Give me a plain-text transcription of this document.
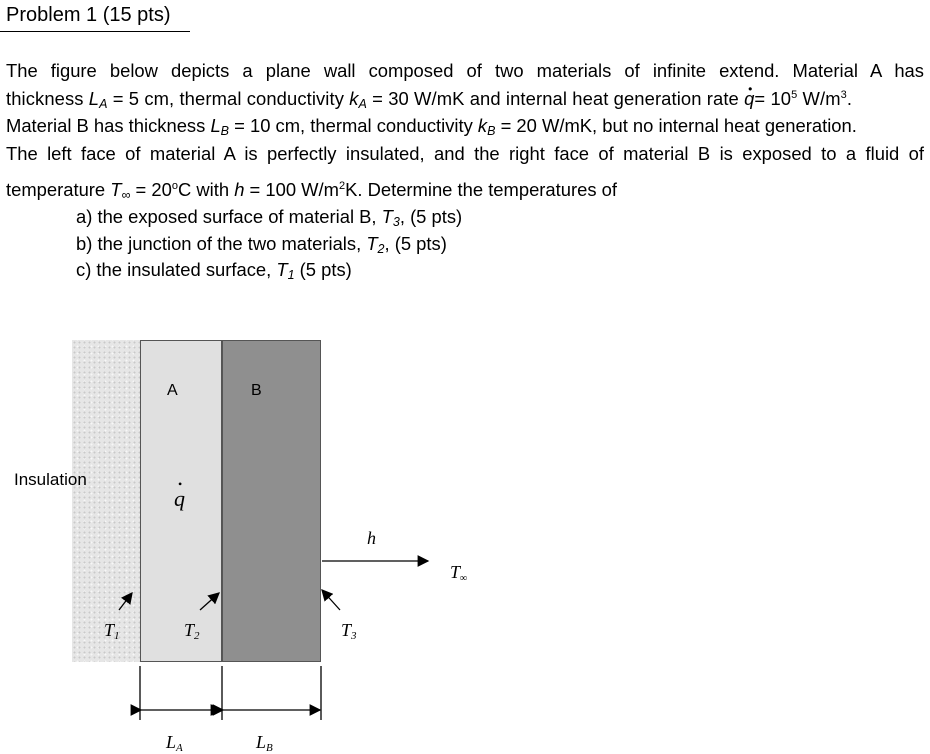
Problem 1 (15 pts)
The figure below depicts a plane wall composed of two materials of infinite extend. Material A has
thickness LA = 5 cm, thermal conductivity kA = 30 W/mK and internal heat generation rate • $q= 10^5$ $W/m^3$.
Material B has thickness LB = 10 cm, thermal conductivity kB = 20 W/mK, but no internal heat generation.
The left face of material A is perfectly insulated, and the right face of material B is exposed to a fluid of
temperature $T\infty = 20^oC$ with h = 100 $W/m^2K$. Determine the temperatures of
a) the exposed surface of material B, T3, (5 pts)
b) the junction of the two materials, T2, (5 pts)
c) the insulated surface, T1 (5 pts)
A	B
Insulation
• q
h
T∞
T1	T2	T3
LA	LB
